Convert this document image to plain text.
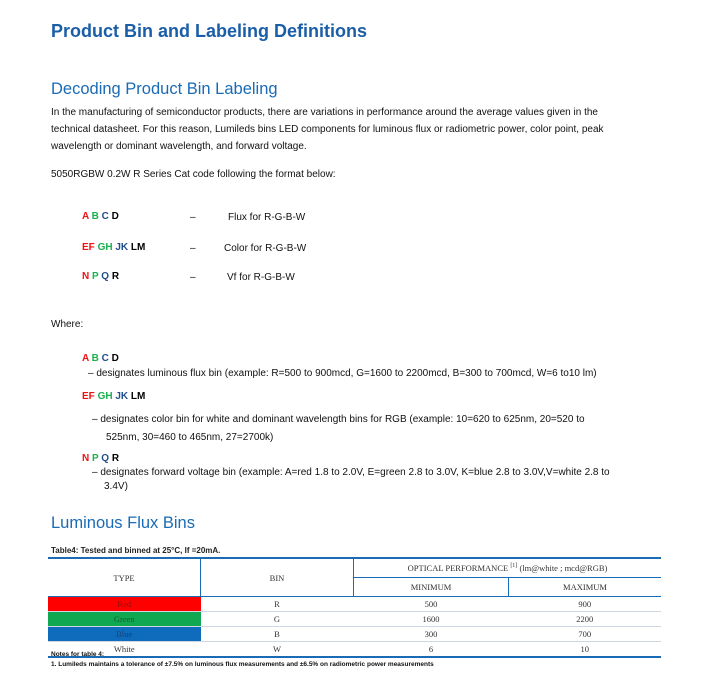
Product Bin and Labeling Definitions
Decoding Product Bin Labeling
In the manufacturing of semiconductor products, there are variations in performance around the average values given in the
technical datasheet. For this reason, Lumileds bins LED components for luminous flux or radiometric power, color point, peak
wavelength or dominant wavelength, and forward voltage.
5050RGBW 0.2W R Series Cat code following the format below:
A B C D	–	Flux for R-G-B-W
EF GH JK LM	–	Color for R-G-B-W
N P Q R	–	Vf for R-G-B-W
Where:
A B C D
– designates luminous flux bin (example: R=500 to 900mcd, G=1600 to 2200mcd, B=300 to 700mcd, W=6 to10 lm)
EF GH JK LM
– designates color bin for white and dominant wavelength bins for RGB (example: 10=620 to 625nm, 20=520 to
525nm, 30=460 to 465nm, 27=2700k)
N P Q R
– designates forward voltage bin (example: A=red 1.8 to 2.0V, E=green 2.8 to 3.0V, K=blue 2.8 to 3.0V,V=white 2.8 to
3.4V)
Luminous Flux Bins
Table4: Tested and binned at 25°C, If =20mA.
TYPE	BIN	OPTICAL PERFORMANCE [1] (lm@white ; mcd@RGB)	
		MINIMUM	MAXIMUM
Red	R	500	900
Green	G	1600	2200
Blue	B	300	700
White	W	6	10
Notes for table 4:
1. Lumileds maintains a tolerance of ±7.5% on luminous flux measurements and ±6.5% on radiometric power measurements
